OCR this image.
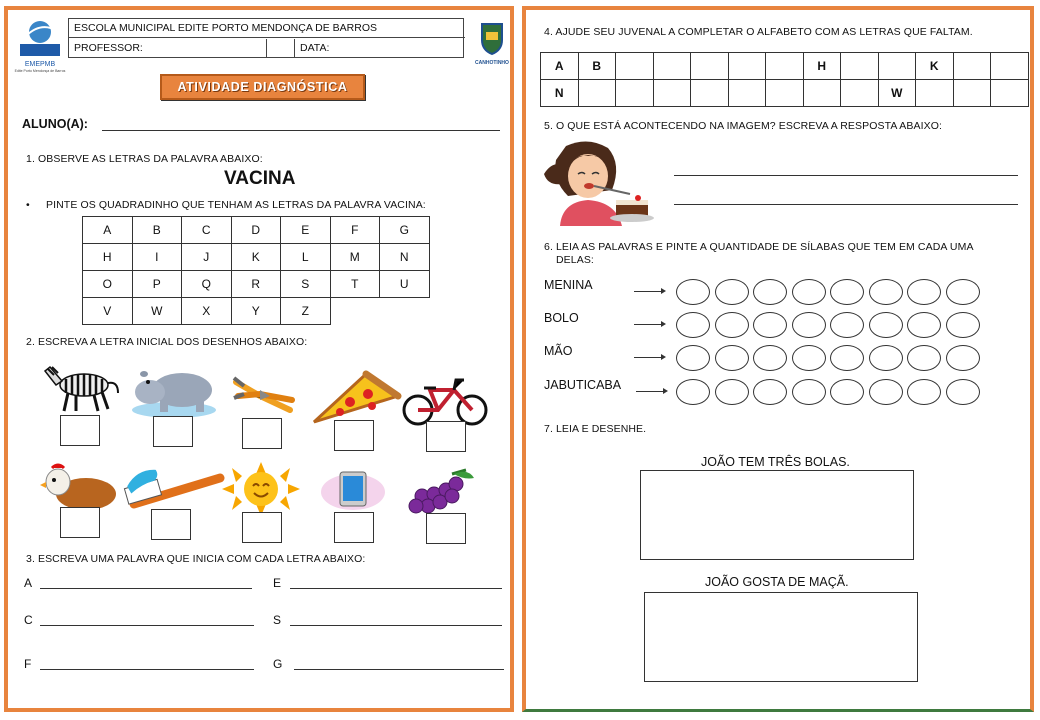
EMEPMB
Edite Porto Mendonça de Barros
ESCOLA MUNICIPAL EDITE PORTO MENDONÇA DE BARROS
PROFESSOR:	DATA:
CANHOTINHO
ATIVIDADE DIAGNÓSTICA
ALUNO(A):
1. OBSERVE AS LETRAS DA PALAVRA ABAIXO:
VACINA
• PINTE OS QUADRADINHO QUE TENHAM AS LETRAS DA PALAVRA VACINA:
A	B	C	D	E	F	G
H	I	J	K	L	M	N
O	P	Q	R	S	T	U
V	W	X	Y	Z		
2. ESCREVA A LETRA INICIAL DOS DESENHOS ABAIXO:
3. ESCREVA UMA PALAVRA QUE INICIA COM CADA LETRA ABAIXO:
A	E
C	S
F	G
4. AJUDE SEU JUVENAL A COMPLETAR O ALFABETO COM AS LETRAS QUE FALTAM.
A	B						H			K		
N									W			
5. O QUE ESTÁ ACONTECENDO NA IMAGEM? ESCREVA A RESPOSTA ABAIXO:
6. LEIA AS PALAVRAS E PINTE A QUANTIDADE DE SÍLABAS QUE TEM EM CADA UMA
DELAS:
MENINA
BOLO
MÃO
JABUTICABA
7. LEIA E DESENHE.
JOÃO TEM TRÊS BOLAS.
JOÃO GOSTA DE MAÇÃ.
